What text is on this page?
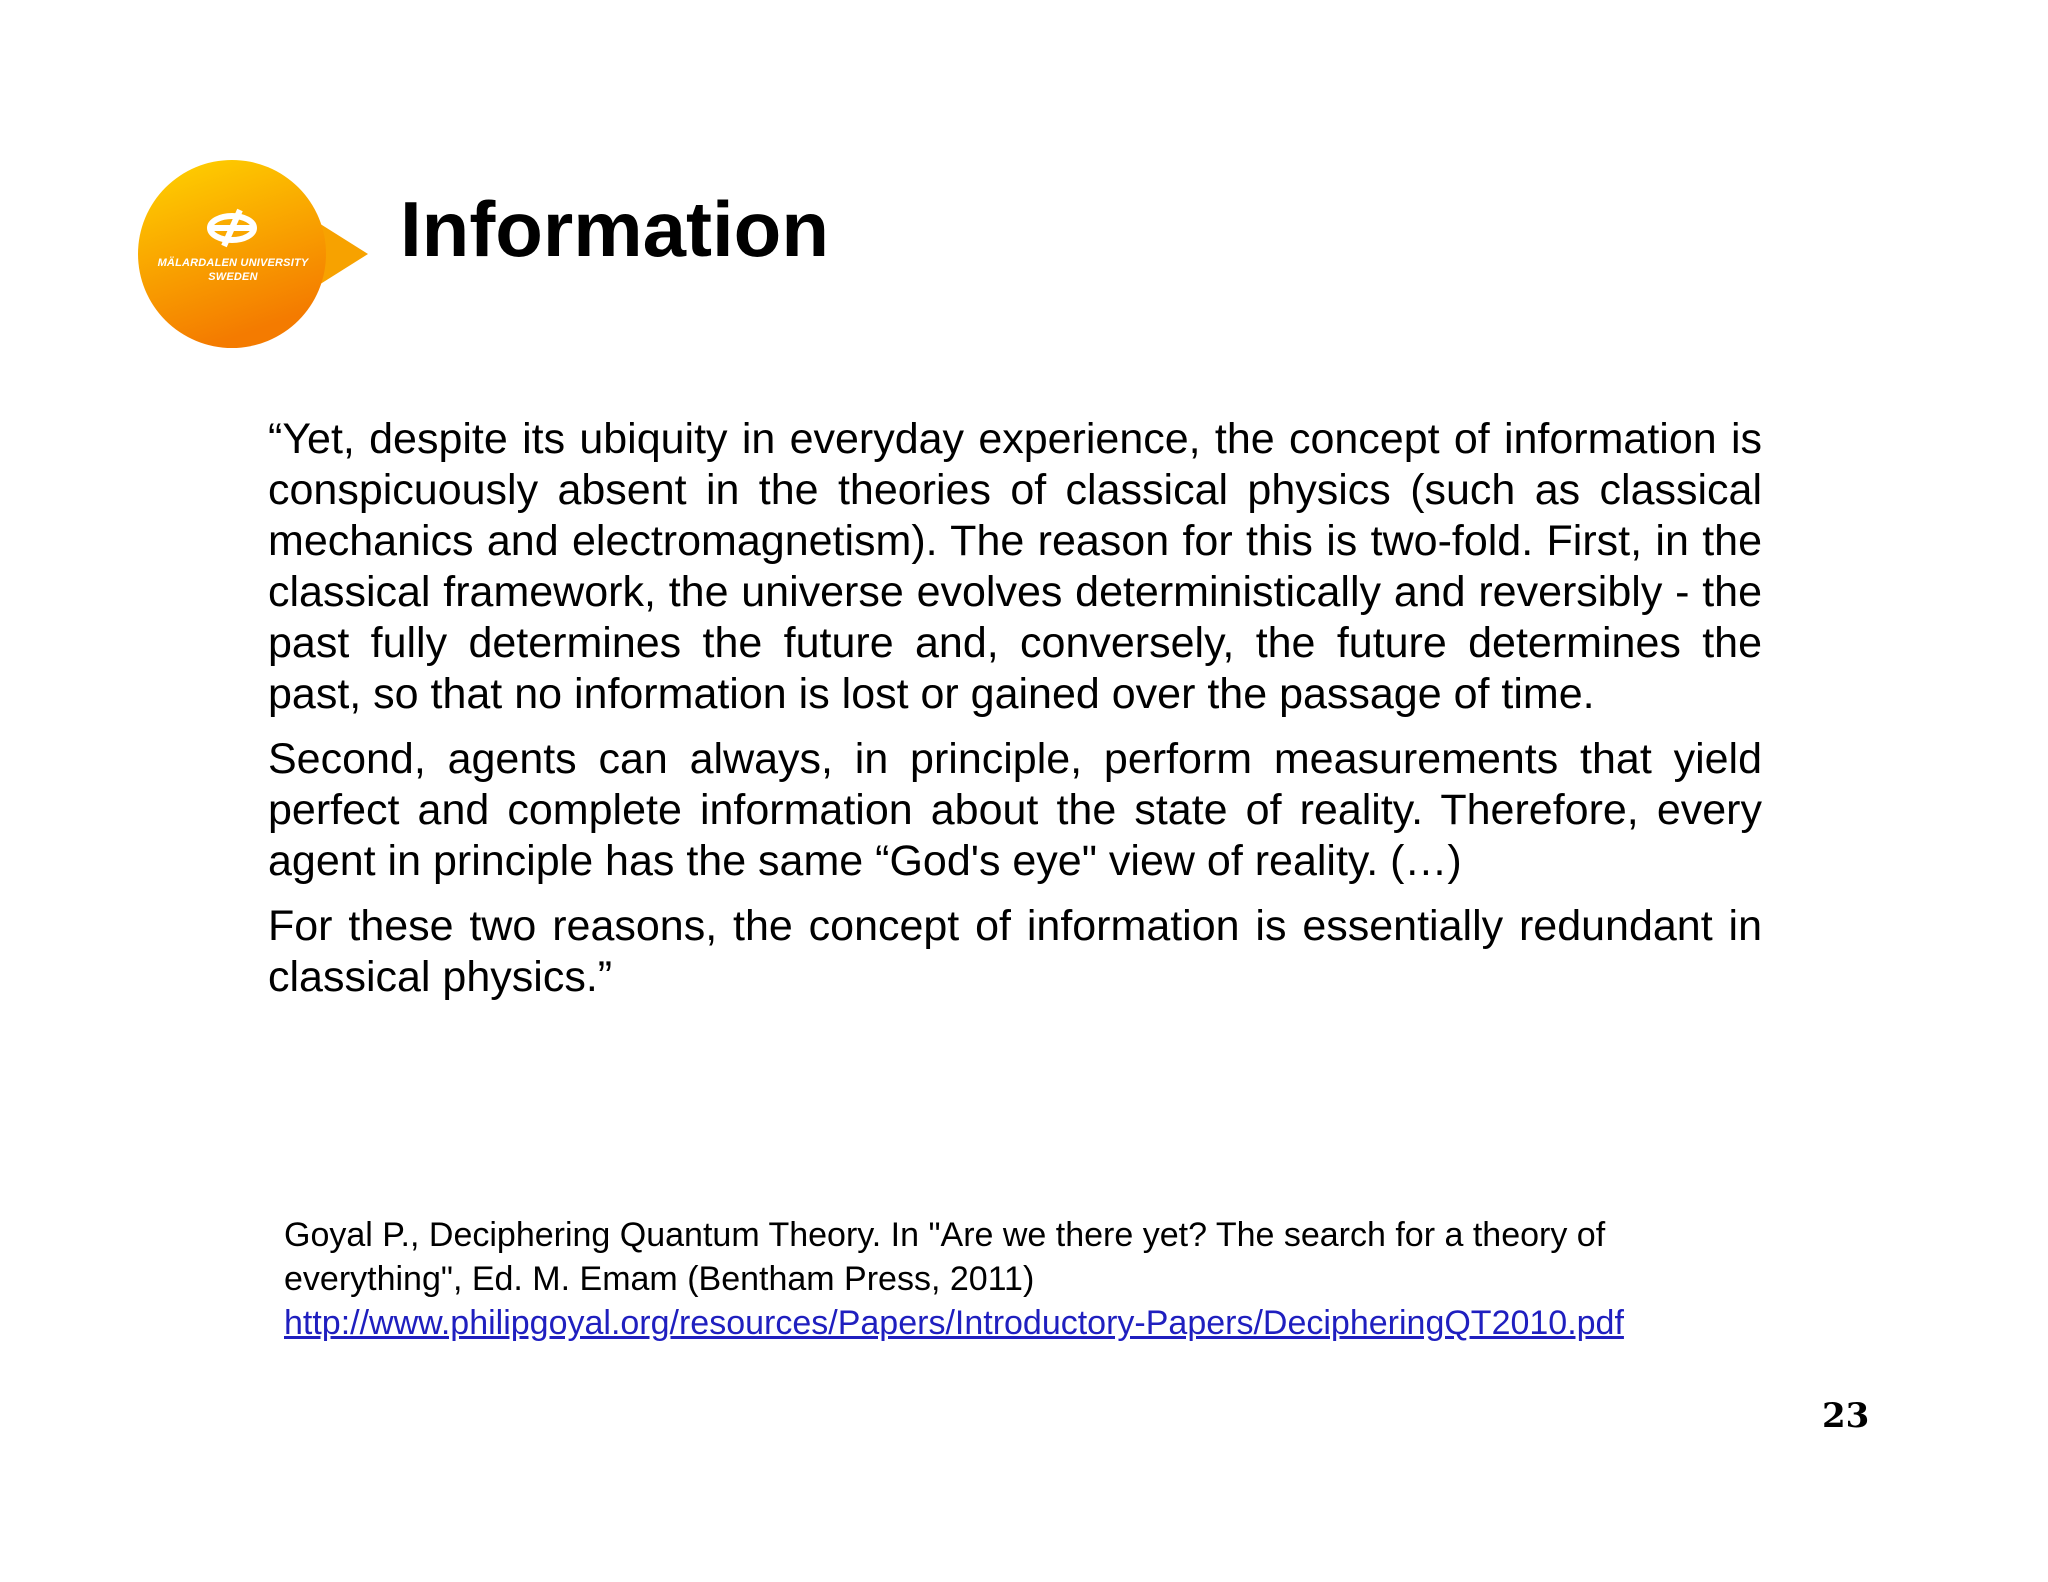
MÄLARDALEN UNIVERSITY
SWEDEN
Information

“Yet, despite its ubiquity in everyday experience, the concept of information is conspicuously absent in the theories of classical physics (such as classical mechanics and electromagnetism). The reason for this is two-fold. First, in the classical framework, the universe evolves deterministically and reversibly - the past fully determines the future and, conversely, the future determines the past, so that no information is lost or gained over the passage of time.

Second, agents can always, in principle, perform measurements that yield perfect and complete information about the state of reality. Therefore, every agent in principle has the same “God's eye" view of reality. (…)

For these two reasons, the concept of information is essentially redundant in classical physics.”

Goyal P., Deciphering Quantum Theory. In "Are we there yet? The search for a theory of everything", Ed. M. Emam (Bentham Press, 2011)

http://www.philipgoyal.org/resources/Papers/Introductory-Papers/DecipheringQT2010.pdf
23
